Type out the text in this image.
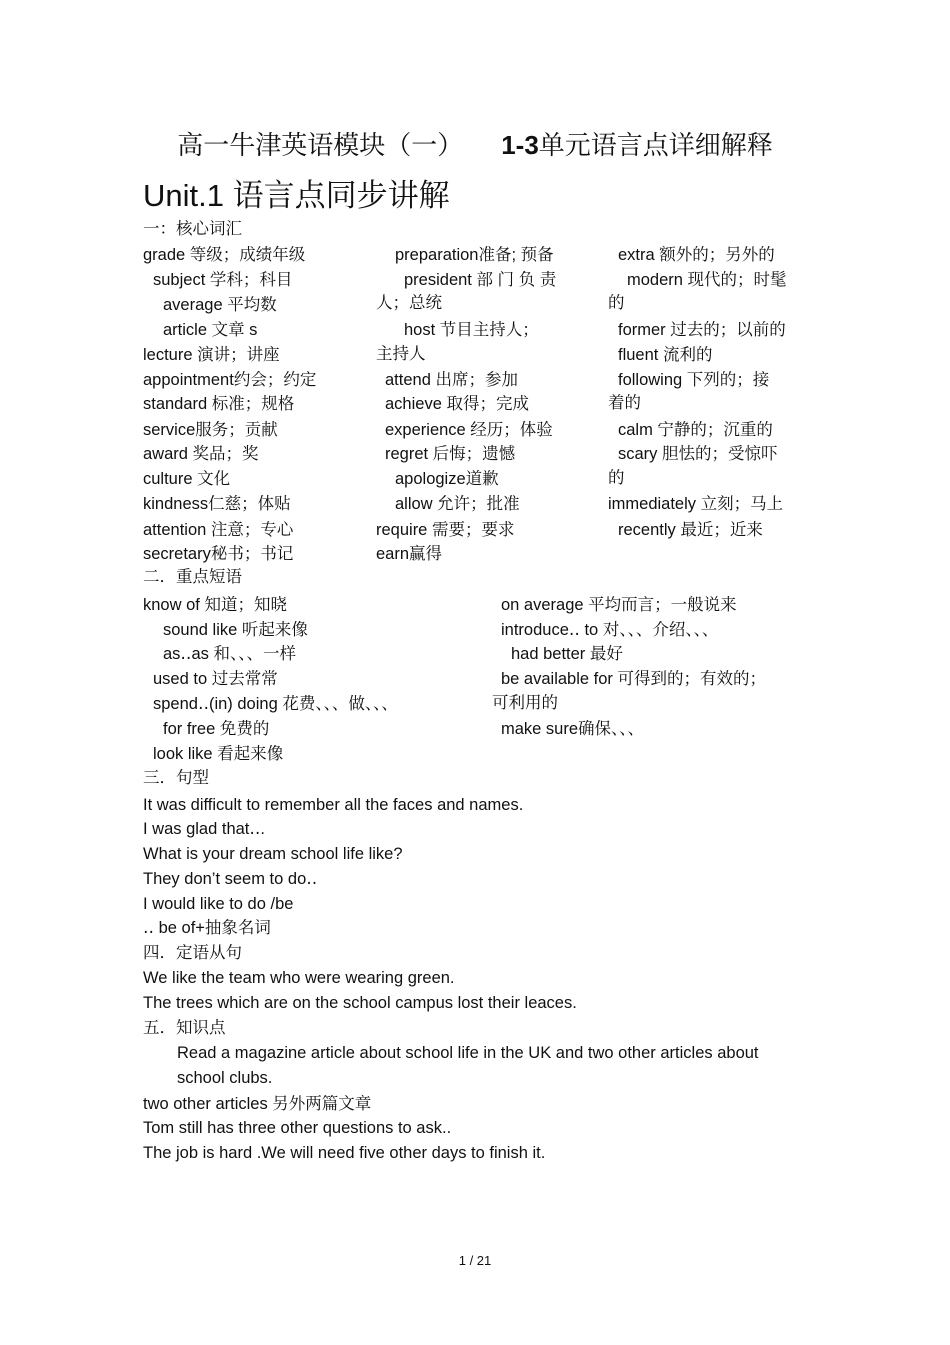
高一牛津英语模块（一） 1-3单元语言点详细解释
Unit.1 语言点同步讲解
一：核心词汇
grade 等级；成绩年级
subject 学科；科目
average 平均数
article 文章 s
lecture 演讲；讲座
appointment约会；约定
standard 标准；规格
service服务；贡献
award 奖品；奖
culture 文化
kindness仁慈；体贴
attention 注意；专心
secretary秘书；书记
preparation准备; 预备
president 部 门 负 责
人；总统
host 节目主持人；
主持人
attend 出席；参加
achieve 取得；完成
experience 经历；体验
regret 后悔；遗憾
apologize道歉
allow 允许；批准
require 需要；要求
earn赢得
extra 额外的；另外的
modern 现代的；时髦
的
former 过去的；以前的
fluent 流利的
following 下列的；接
着的
calm 宁静的；沉重的
scary 胆怯的；受惊吓
的
immediately 立刻；马上
recently 最近；近来
二．重点短语
know of 知道；知晓
sound like 听起来像
as‥as 和、、、一样
used to 过去常常
spend‥(in) doing 花费、、、做、、、
for free 免费的
look like 看起来像
on average 平均而言；一般说来
introduce‥ to 对、、、介绍、、、
had better 最好
be available for 可得到的；有效的；
可利用的
make sure确保、、、
三．句型
It was difficult to remember all the faces and names.
I was glad that‥.
What is your dream school life like?
They don’t seem to do‥
I would like to do /be
‥ be of+抽象名词
四．定语从句
We like the team who were wearing green.
The trees which are on the school campus lost their leaces.
五．知识点
Read a magazine article about school life in the UK and two other articles about
school clubs.
two other articles 另外两篇文章
Tom still has three other questions to ask..
The job is hard .We will need five other days to finish it.
1 / 21
